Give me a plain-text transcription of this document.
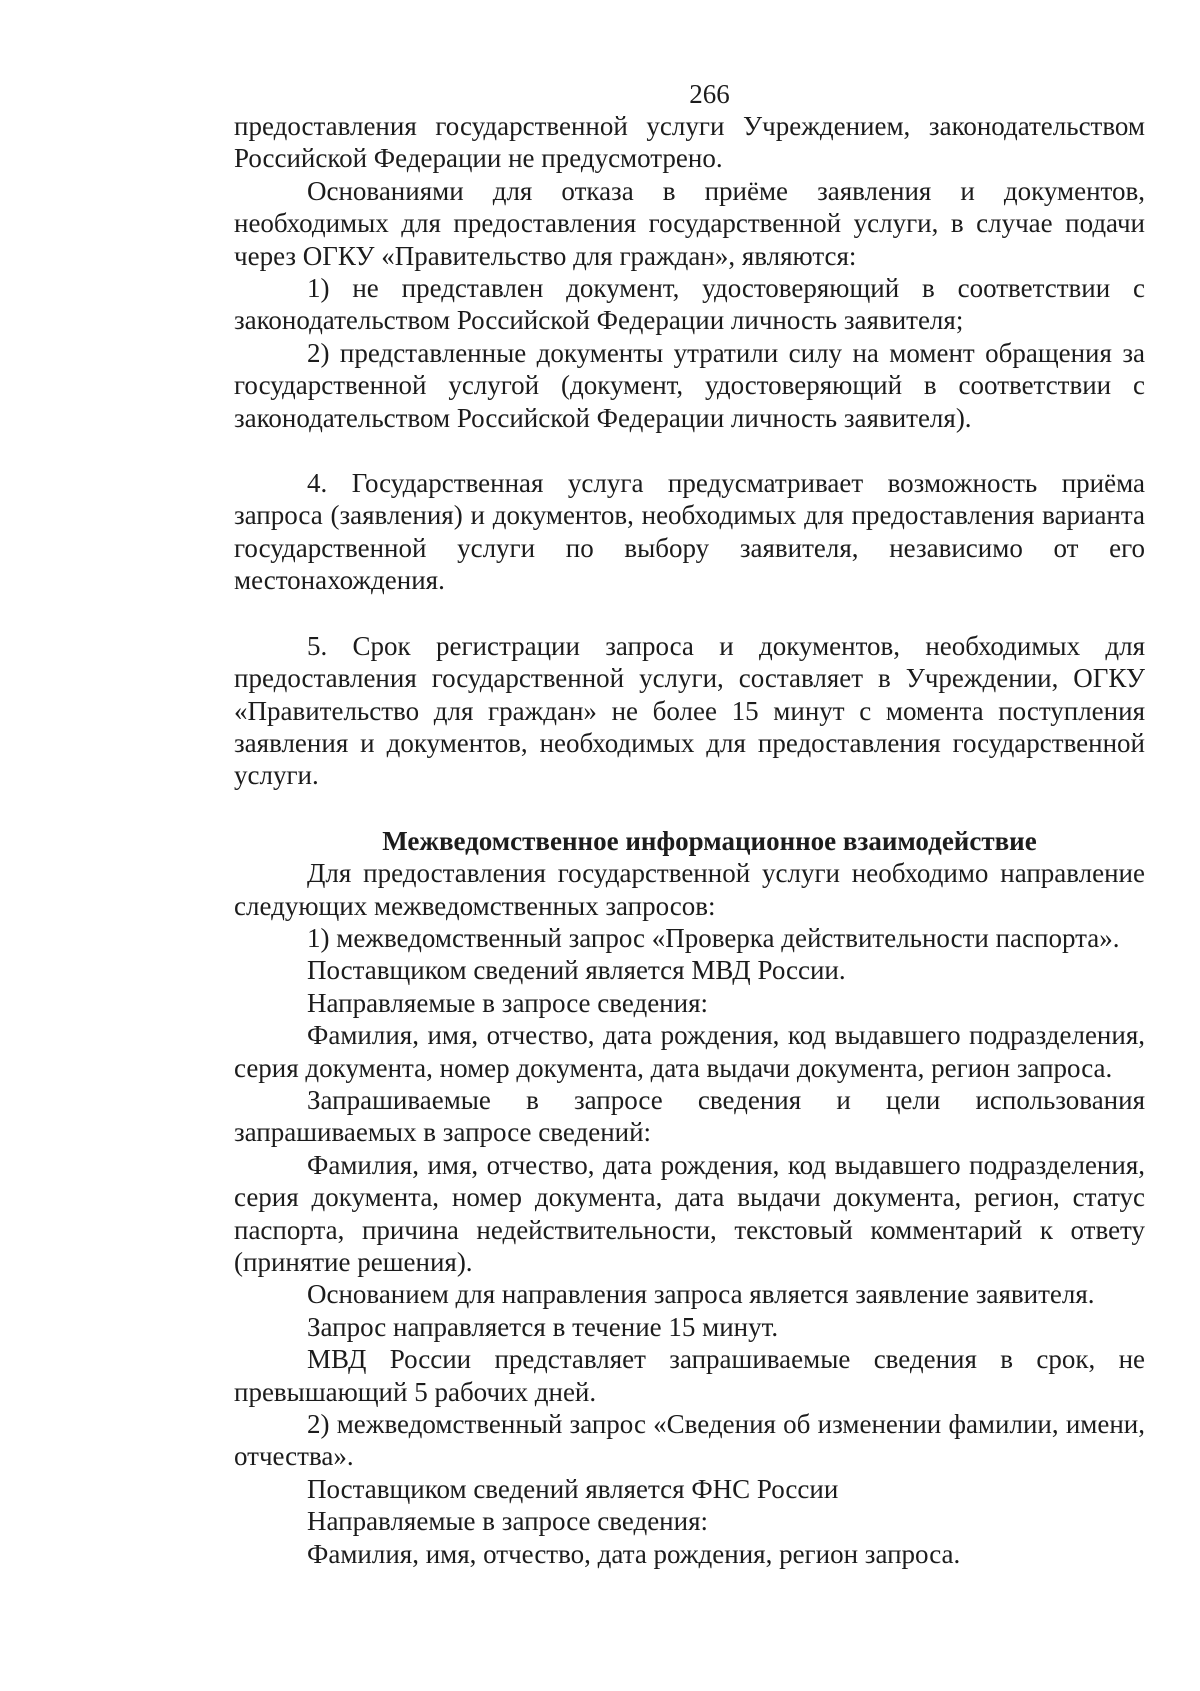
266

предоставления государственной услуги Учреждением, законодательством Российской Федерации не предусмотрено.

Основаниями для отказа в приёме заявления и документов, необходимых для предоставления государственной услуги, в случае подачи через ОГКУ «Правительство для граждан», являются:

1) не представлен документ, удостоверяющий в соответствии с законодательством Российской Федерации личность заявителя;

2) представленные документы утратили силу на момент обращения за государственной услугой (документ, удостоверяющий в соответствии с законодательством Российской Федерации личность заявителя).

4. Государственная услуга предусматривает возможность приёма запроса (заявления) и документов, необходимых для предоставления варианта государственной услуги по выбору заявителя, независимо от его местонахождения.

5. Срок регистрации запроса и документов, необходимых для предоставления государственной услуги, составляет в Учреждении, ОГКУ «Правительство для граждан» не более 15 минут с момента поступления заявления и документов, необходимых для предоставления государственной услуги.

Межведомственное информационное взаимодействие

Для предоставления государственной услуги необходимо направление следующих межведомственных запросов:

1) межведомственный запрос «Проверка действительности паспорта».

Поставщиком сведений является МВД России.

Направляемые в запросе сведения:

Фамилия, имя, отчество, дата рождения, код выдавшего подразделения, серия документа, номер документа, дата выдачи документа, регион запроса.

Запрашиваемые в запросе сведения и цели использования запрашиваемых в запросе сведений:

Фамилия, имя, отчество, дата рождения, код выдавшего подразделения, серия документа, номер документа, дата выдачи документа, регион, статус паспорта, причина недействительности, текстовый комментарий к ответу (принятие решения).

Основанием для направления запроса является заявление заявителя.

Запрос направляется в течение 15 минут.

МВД России представляет запрашиваемые сведения в срок, не превышающий 5 рабочих дней.

2) межведомственный запрос «Сведения об изменении фамилии, имени, отчества».

Поставщиком сведений является ФНС России

Направляемые в запросе сведения:

Фамилия, имя, отчество, дата рождения, регион запроса.
